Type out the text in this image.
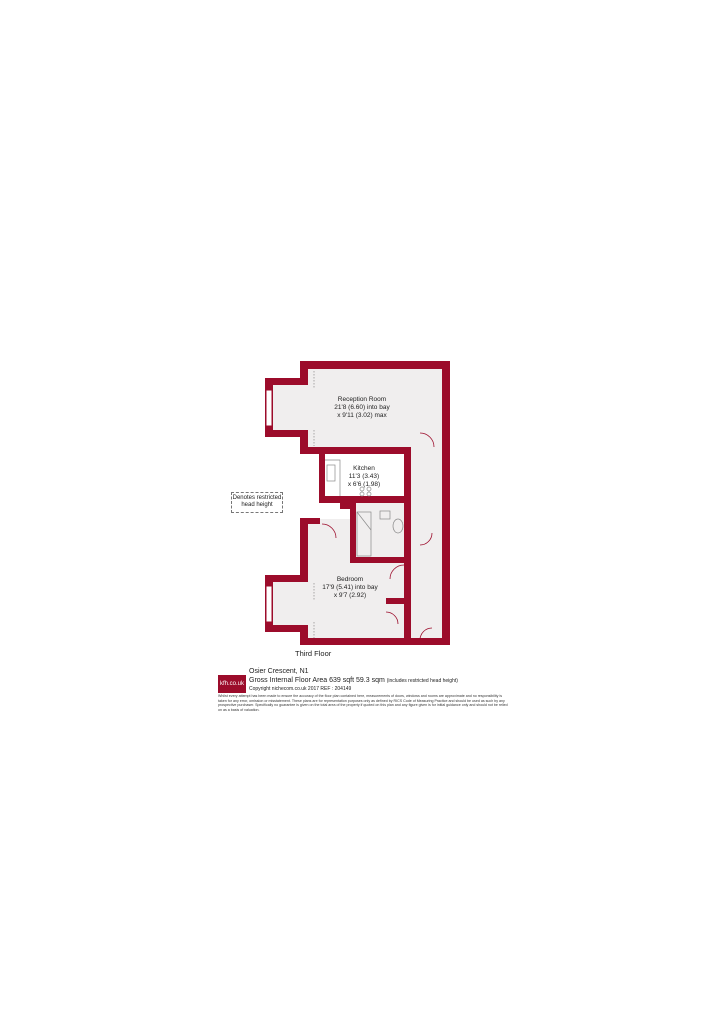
Reception Room
21'8 (6.60) into bay
x 9'11 (3.02) max
Kitchen
11'3 (3.43)
x 6'6 (1.98)
Bedroom
17'9 (5.41) into bay
x 9'7 (2.92)
Denotes restricted
head height
Third Floor
kfh.co.uk
Osier Crescent, N1
Gross Internal Floor Area 639 sqft 59.3 sqm (includes restricted head height)
Copyright nichecom.co.uk 2017 REF : 204149
Whilst every attempt has been made to ensure the accuracy of the floor plan contained here, measurements of doors, windows and rooms are approximate and no responsibility is taken for any error, omission or misstatement. These plans are for representation purposes only as defined by RICS Code of Measuring Practice and should be used as such by any prospective purchaser. Specifically no guarantee is given on the total area of the property if quoted on this plan and any figure given is for initial guidance only and should not be relied on as a basis of valuation.
